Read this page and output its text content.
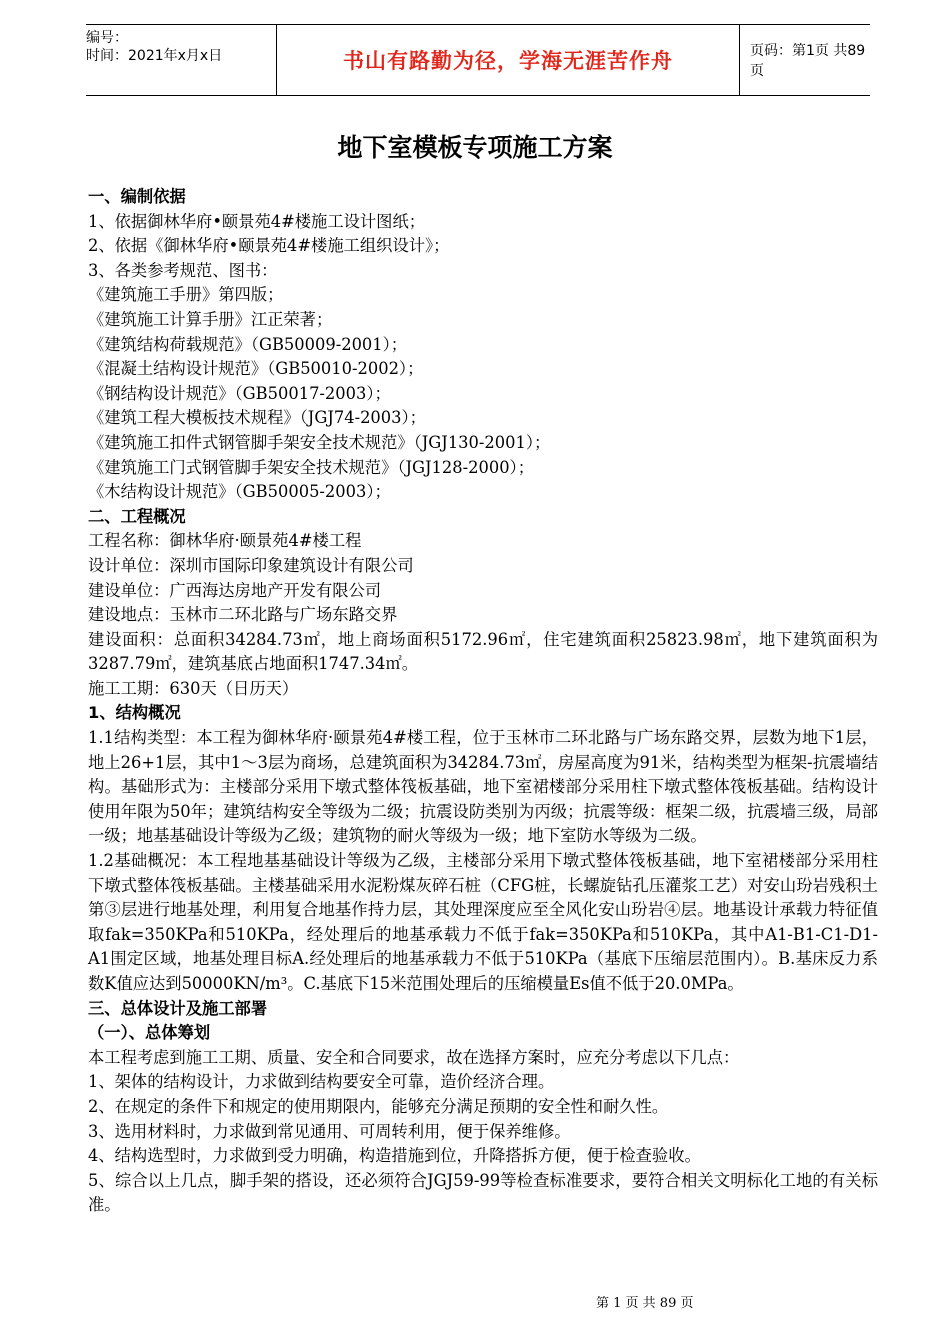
编号：
时间：2021年x月x日	书山有路勤为径，学海无涯苦作舟	页码：第1页 共89页
地下室模板专项施工方案

一、编制依据

1、依据御林华府•颐景苑4#楼施工设计图纸；

2、依据《御林华府•颐景苑4#楼施工组织设计》；

3、各类参考规范、图书：

《建筑施工手册》第四版；

《建筑施工计算手册》江正荣著；

《建筑结构荷载规范》（GB50009-2001）；

《混凝土结构设计规范》（GB50010-2002）；

《钢结构设计规范》（GB50017-2003）；

《建筑工程大模板技术规程》（JGJ74-2003）；

《建筑施工扣件式钢管脚手架安全技术规范》（JGJ130-2001）；

《建筑施工门式钢管脚手架安全技术规范》（JGJ128-2000）；

《木结构设计规范》（GB50005-2003）；

二、工程概况

工程名称：御林华府·颐景苑4#楼工程

设计单位：深圳市国际印象建筑设计有限公司

建设单位：广西海达房地产开发有限公司

建设地点：玉林市二环北路与广场东路交界

建设面积：总面积34284.73㎡，地上商场面积5172.96㎡，住宅建筑面积25823.98㎡，地下建筑面积为3287.79㎡，建筑基底占地面积1747.34㎡。

施工工期：630天（日历天）

1、结构概况

1.1结构类型：本工程为御林华府·颐景苑4#楼工程，位于玉林市二环北路与广场东路交界，层数为地下1层，地上26+1层，其中1～3层为商场，总建筑面积为34284.73㎡，房屋高度为91米，结构类型为框架-抗震墙结构。基础形式为：主楼部分采用下墩式整体筏板基础，地下室裙楼部分采用柱下墩式整体筏板基础。结构设计使用年限为50年；建筑结构安全等级为二级；抗震设防类别为丙级；抗震等级：框架二级，抗震墙三级，局部一级；地基基础设计等级为乙级；建筑物的耐火等级为一级；地下室防水等级为二级。

1.2基础概况：本工程地基基础设计等级为乙级，主楼部分采用下墩式整体筏板基础，地下室裙楼部分采用柱下墩式整体筏板基础。主楼基础采用水泥粉煤灰碎石桩（CFG桩，长螺旋钻孔压灌浆工艺）对安山玢岩残积土第③层进行地基处理，利用复合地基作持力层，其处理深度应至全风化安山玢岩④层。地基设计承载力特征值取fak=350KPa和510KPa，经处理后的地基承载力不低于fak=350KPa和510KPa，其中A1-B1-C1-D1-A1围定区域，地基处理目标A.经处理后的地基承载力不低于510KPa（基底下压缩层范围内）。B.基床反力系数K值应达到50000KN/m³。C.基底下15米范围处理后的压缩模量Es值不低于20.0MPa。

三、总体设计及施工部署

（一）、总体筹划

本工程考虑到施工工期、质量、安全和合同要求，故在选择方案时，应充分考虑以下几点：

1、架体的结构设计，力求做到结构要安全可靠，造价经济合理。

2、在规定的条件下和规定的使用期限内，能够充分满足预期的安全性和耐久性。

3、选用材料时，力求做到常见通用、可周转利用，便于保养维修。

4、结构选型时，力求做到受力明确，构造措施到位，升降搭拆方便，便于检查验收。

5、综合以上几点，脚手架的搭设，还必须符合JGJ59-99等检查标准要求，要符合相关文明标化工地的有关标准。

第 1 页 共 89 页
